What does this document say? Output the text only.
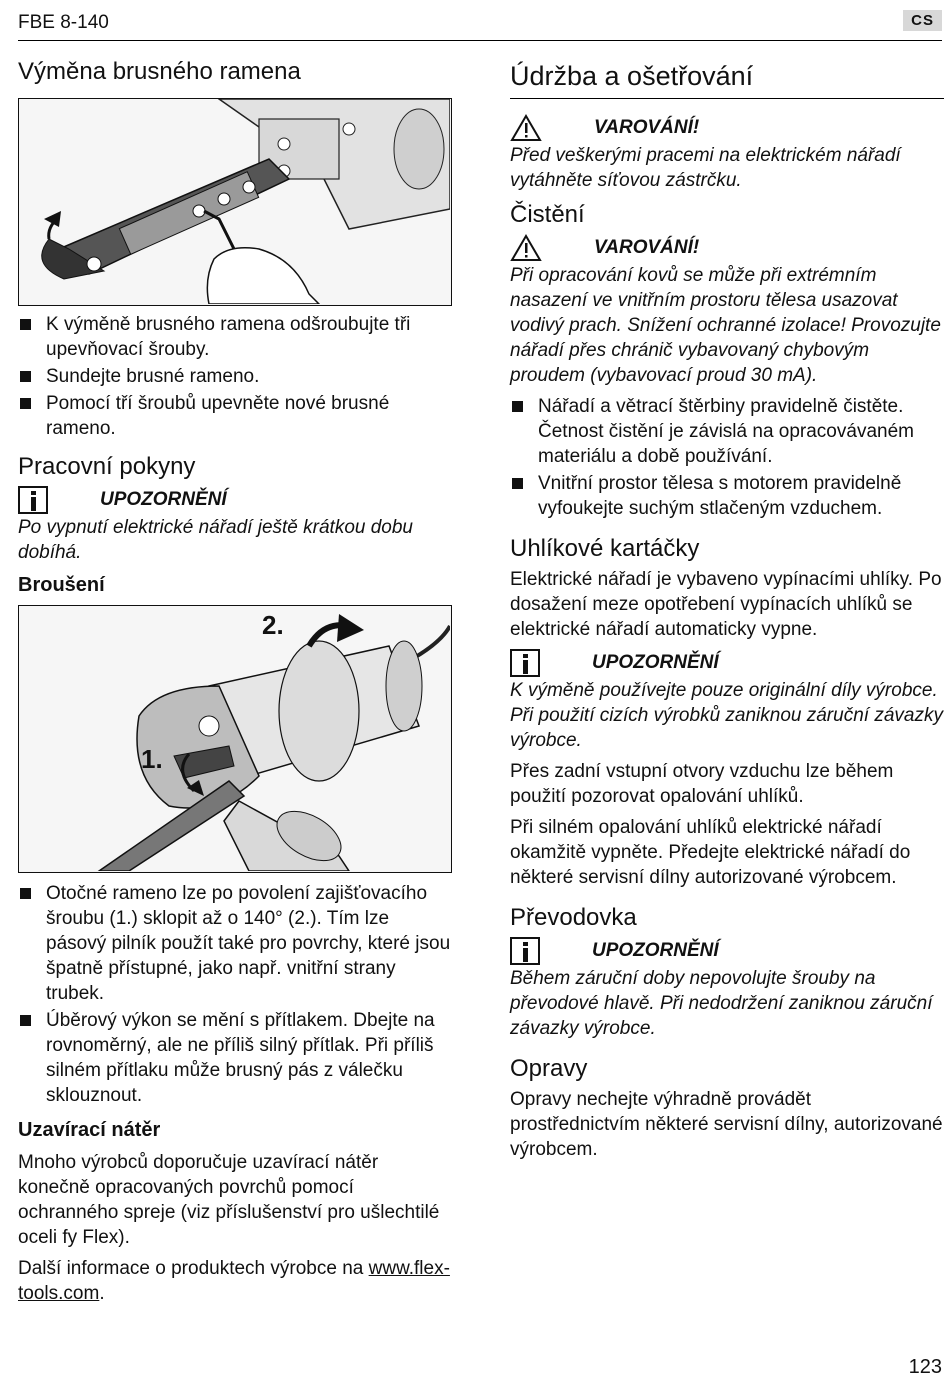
FBE 8-140	CS
Výměna brusného ramena
K výměně brusného ramena odšroubujte tři upevňovací šrouby.
Sundejte brusné rameno.
Pomocí tří šroubů upevněte nové brusné rameno.
Pracovní pokyny
UPOZORNĚNÍ

Po vypnutí elektrické nářadí ještě krátkou dobu dobíhá.

Broušení
2.
1.
Otočné rameno lze po povolení zajišťovacího šroubu (1.) sklopit až o 140° (2.). Tím lze pásový pilník použít také pro povrchy, které jsou špatně přístupné, jako např. vnitřní strany trubek.
Úběrový výkon se mění s přítlakem. Dbejte na rovnoměrný, ale ne příliš silný přítlak. Při příliš silném přítlaku může brusný pás z válečku sklouznout.
Uzavírací nátěr

Mnoho výrobců doporučuje uzavírací nátěr konečně opracovaných povrchů pomocí ochranného spreje (viz příslušenství pro ušlechtilé oceli fy Flex).

Další informace o produktech výrobce na www.flex-tools.com.

Údržba a ošetřování
VAROVÁNÍ!

Před veškerými pracemi na elektrickém nářadí vytáhněte síťovou zástrčku.

Čistění
VAROVÁNÍ!

Při opracování kovů se může při extrémním nasazení ve vnitřním prostoru tělesa usazovat vodivý prach. Snížení ochranné izolace! Provozujte nářadí přes chránič vybavovaný chybovým proudem (vybavovací proud 30 mA).

Nářadí a větrací štěrbiny pravidelně čistěte. Četnost čistění je závislá na opracovávaném materiálu a době používání.
Vnitřní prostor tělesa s motorem pravidelně vyfoukejte suchým stlačeným vzduchem.
Uhlíkové kartáčky

Elektrické nářadí je vybaveno vypínacími uhlíky. Po dosažení meze opotřebení vypínacích uhlíků se elektrické nářadí automaticky vypne.

UPOZORNĚNÍ

K výměně používejte pouze originální díly výrobce. Při použití cizích výrobků zaniknou záruční závazky výrobce.

Přes zadní vstupní otvory vzduchu lze během použití pozorovat opalování uhlíků.

Při silném opalování uhlíků elektrické nářadí okamžitě vypněte. Předejte elektrické nářadí do některé servisní dílny autorizované výrobcem.

Převodovka
UPOZORNĚNÍ

Během záruční doby nepovolujte šrouby na převodové hlavě. Při nedodržení zaniknou záruční závazky výrobce.

Opravy

Opravy nechejte výhradně provádět prostřednictvím některé servisní dílny, autorizované výrobcem.

123
